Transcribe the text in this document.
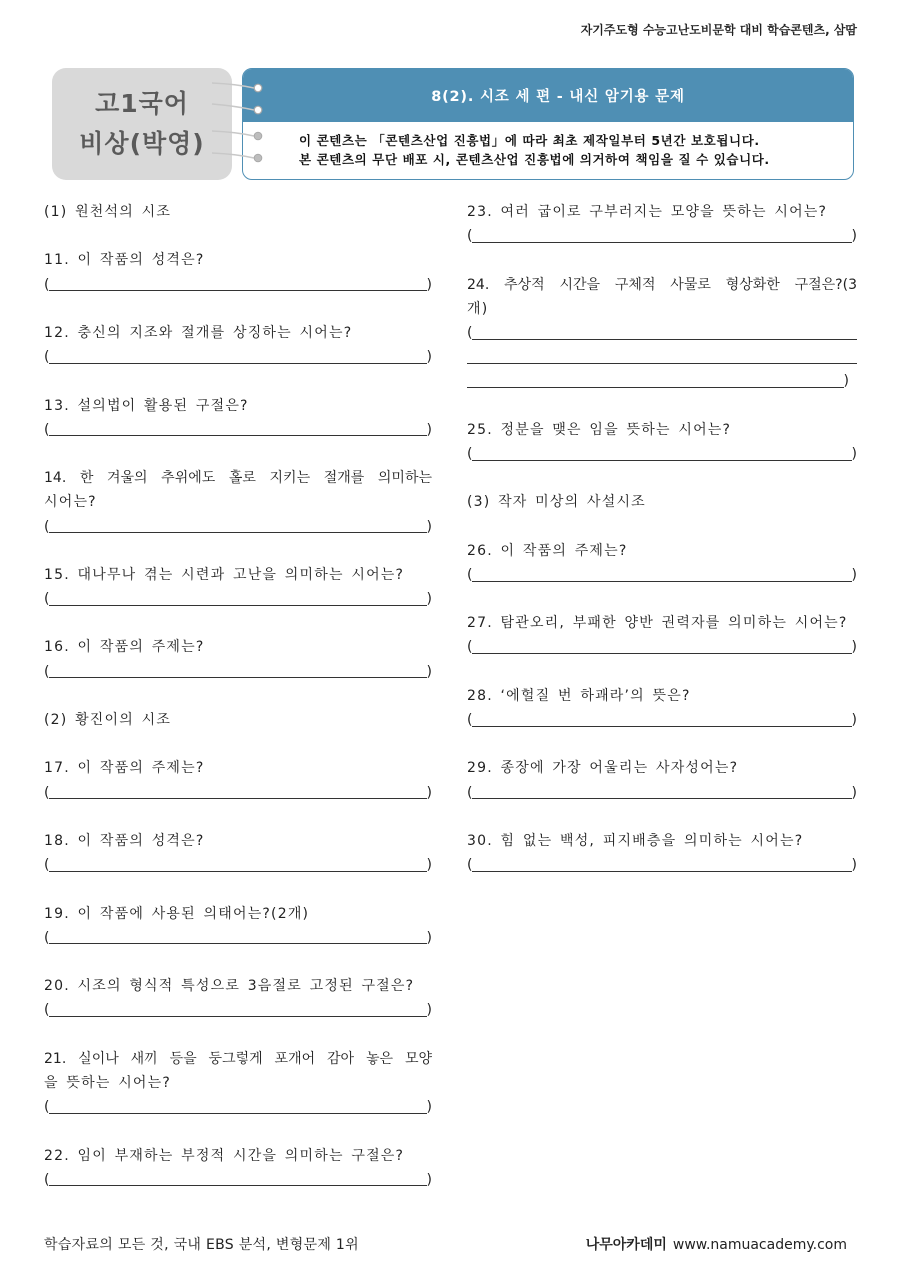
자기주도형 수능고난도비문학 대비 학습콘텐츠, 삼땀
고1국어
비상(박영)
8(2). 시조 세 편 - 내신 암기용 문제
이 콘텐츠는 「콘텐츠산업 진흥법」에 따라 최초 제작일부터 5년간 보호됩니다.
본 콘텐츠의 무단 배포 시, 콘텐츠산업 진흥법에 의거하여 책임을 질 수 있습니다.
(1) 원천석의 시조
11. 이 작품의 성격은?
(	)
12. 충신의 지조와 절개를 상징하는 시어는?
(	)
13. 설의법이 활용된 구절은?
(	)
14. 한 겨울의 추위에도 홀로 지키는 절개를 의미하는
시어는?
(	)
15. 대나무나 겪는 시련과 고난을 의미하는 시어는?
(	)
16. 이 작품의 주제는?
(	)
(2) 황진이의 시조
17. 이 작품의 주제는?
(	)
18. 이 작품의 성격은?
(	)
19. 이 작품에 사용된 의태어는?(2개)
(	)
20. 시조의 형식적 특성으로 3음절로 고정된 구절은?
(	)
21. 실이나 새끼 등을 둥그렇게 포개어 감아 놓은 모양
을 뜻하는 시어는?
(	)
22. 임이 부재하는 부정적 시간을 의미하는 구절은?
(	)
23. 여러 굽이로 구부러지는 모양을 뜻하는 시어는?
(	)
24. 추상적 시간을 구체적 사물로 형상화한 구절은?(3
개)
(
)
25. 정분을 맺은 임을 뜻하는 시어는?
(	)
(3) 작자 미상의 사설시조
26. 이 작품의 주제는?
(	)
27. 탐관오리, 부패한 양반 권력자를 의미하는 시어는?
(	)
28. ‘에헐질 번 하괘라’의 뜻은?
(	)
29. 종장에 가장 어울리는 사자성어는?
(	)
30. 힘 없는 백성, 피지배층을 의미하는 시어는?
(	)
학습자료의 모든 것, 국내 EBS 분석, 변형문제 1위	나무아카데미 www.namuacademy.com
